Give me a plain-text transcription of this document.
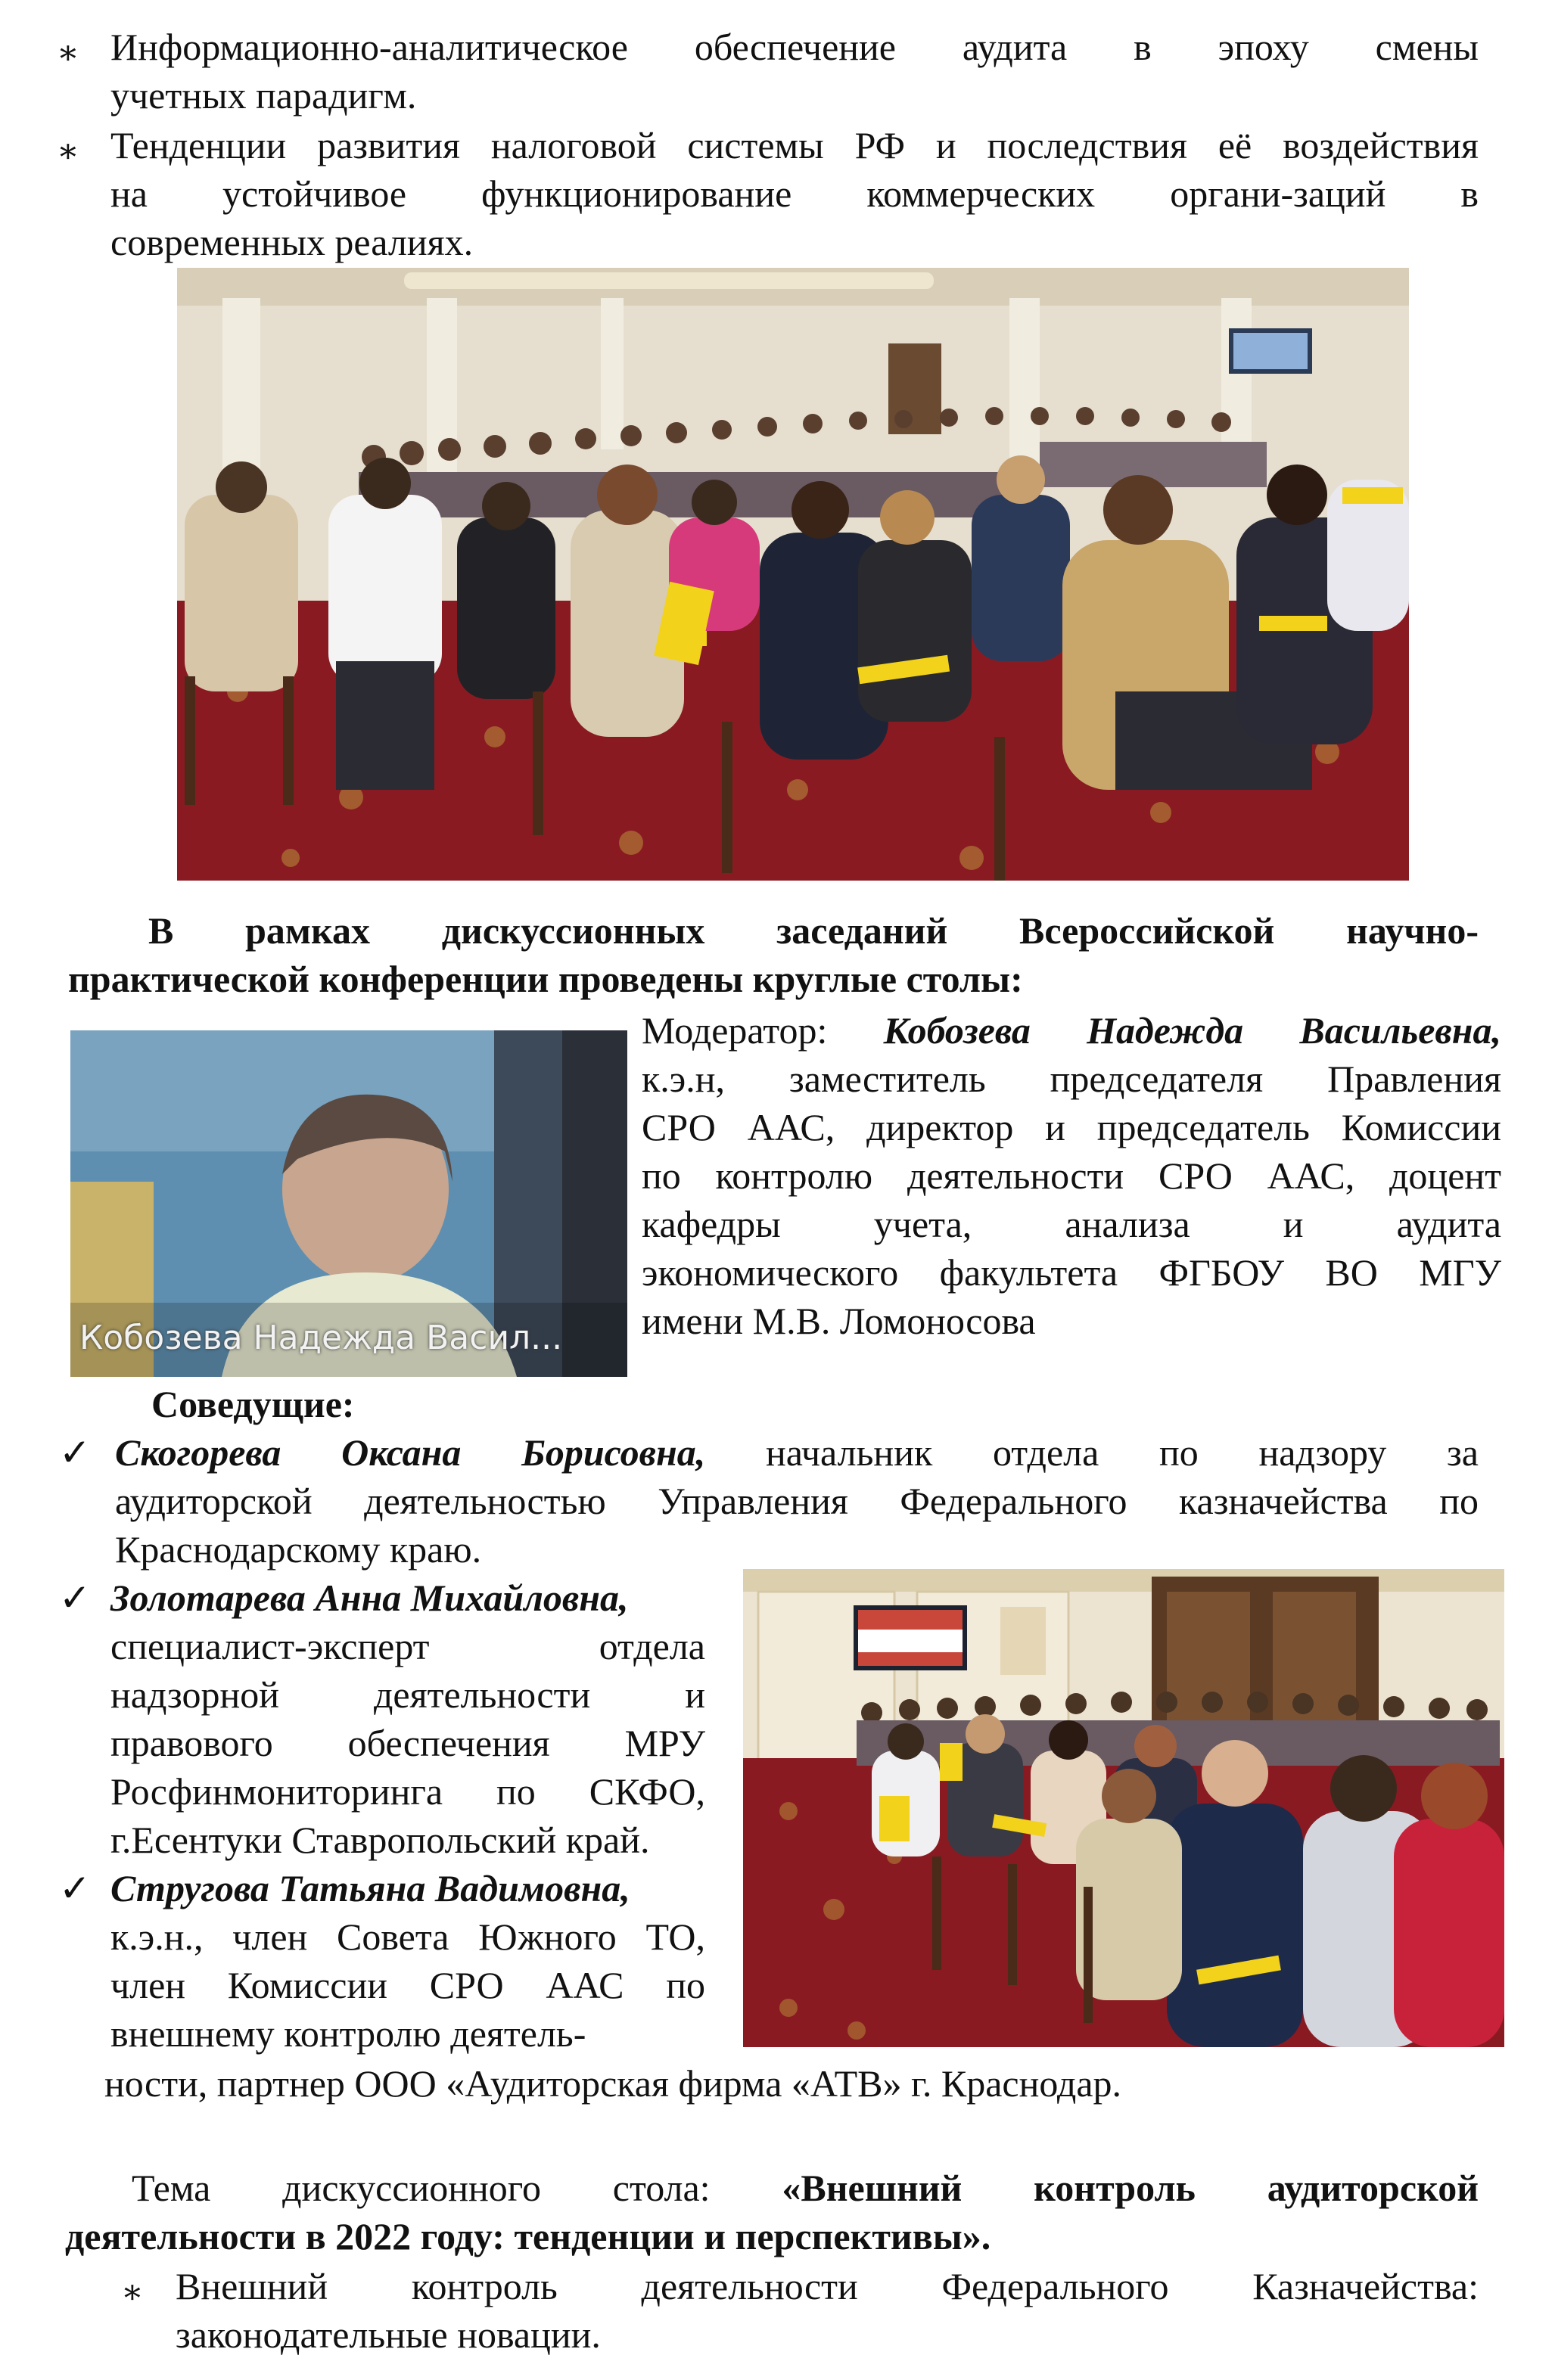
∗ Информационно-аналитическое обеспечение аудита в эпоху смены
учетных парадигм.
∗ Тенденции развития налоговой системы РФ и последствия её воздействия
на устойчивое функционирование коммерческих органи-заций в
современных реалиях.
В рамках дискуссионных заседаний Всероссийской научно-
практической конференции проведены круглые столы:
Кобозева Надежда Васил...
Модератор: Кобозева Надежда Васильевна,
к.э.н, заместитель председателя Правления
СРО ААС, директор и председатель Комиссии
по контролю деятельности СРО ААС, доцент
кафедры учета, анализа и аудита
экономического факультета ФГБОУ ВО МГУ
имени М.В. Ломоносова
Соведущие:
✓ Скогорева Оксана Борисовна, начальник отдела по надзору за
аудиторской деятельностью Управления Федерального казначейства по
Краснодарскому краю.
✓ Золотарева Анна Михайловна,
специалист-эксперт отдела
надзорной деятельности и
правового обеспечения МРУ
Росфинмониторинга по СКФО,
г.Есентуки Ставропольский край.
✓ Стругова Татьяна Вадимовна,
к.э.н., член Совета Южного ТО,
член Комиссии СРО ААС по
внешнему контролю деятель-
ности, партнер ООО «Аудиторская фирма «АТВ» г. Краснодар.
Тема дискуссионного стола: «Внешний контроль аудиторской
деятельности в 2022 году: тенденции и перспективы».
∗ Внешний контроль деятельности Федерального Казначейства:
законодательные новации.
